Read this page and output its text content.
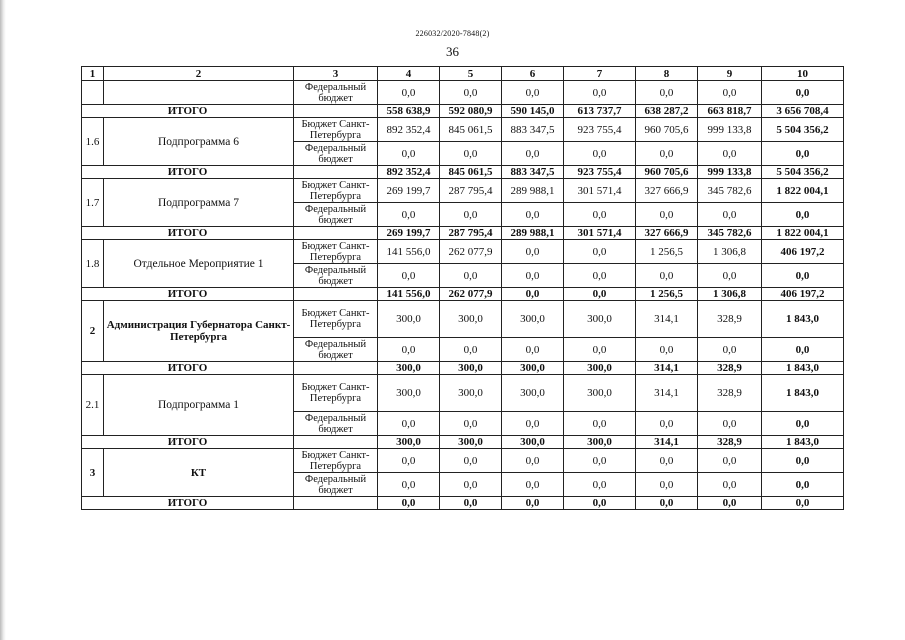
226032/2020-7848(2)
36
1	2	3	4	5	6	7	8	9	10
		Федеральный бюджет	0,0	0,0	0,0	0,0	0,0	0,0	0,0
ИТОГО			558 638,9	592 080,9	590 145,0	613 737,7	638 287,2	663 818,7	3 656 708,4
1.6	Подпрограмма 6	Бюджет Санкт-Петербурга	892 352,4	845 061,5	883 347,5	923 755,4	960 705,6	999 133,8	5 504 356,2
		Федеральный бюджет	0,0	0,0	0,0	0,0	0,0	0,0	0,0
ИТОГО			892 352,4	845 061,5	883 347,5	923 755,4	960 705,6	999 133,8	5 504 356,2
1.7	Подпрограмма 7	Бюджет Санкт-Петербурга	269 199,7	287 795,4	289 988,1	301 571,4	327 666,9	345 782,6	1 822 004,1
		Федеральный бюджет	0,0	0,0	0,0	0,0	0,0	0,0	0,0
ИТОГО			269 199,7	287 795,4	289 988,1	301 571,4	327 666,9	345 782,6	1 822 004,1
1.8	Отдельное Мероприятие 1	Бюджет Санкт-Петербурга	141 556,0	262 077,9	0,0	0,0	1 256,5	1 306,8	406 197,2
		Федеральный бюджет	0,0	0,0	0,0	0,0	0,0	0,0	0,0
ИТОГО			141 556,0	262 077,9	0,0	0,0	1 256,5	1 306,8	406 197,2
2	Администрация Губернатора Санкт-Петербурга	Бюджет Санкт-Петербурга	300,0	300,0	300,0	300,0	314,1	328,9	1 843,0
		Федеральный бюджет	0,0	0,0	0,0	0,0	0,0	0,0	0,0
ИТОГО			300,0	300,0	300,0	300,0	314,1	328,9	1 843,0
2.1	Подпрограмма 1	Бюджет Санкт-Петербурга	300,0	300,0	300,0	300,0	314,1	328,9	1 843,0
		Федеральный бюджет	0,0	0,0	0,0	0,0	0,0	0,0	0,0
ИТОГО			300,0	300,0	300,0	300,0	314,1	328,9	1 843,0
3	КТ	Бюджет Санкт-Петербурга	0,0	0,0	0,0	0,0	0,0	0,0	0,0
		Федеральный бюджет	0,0	0,0	0,0	0,0	0,0	0,0	0,0
ИТОГО			0,0	0,0	0,0	0,0	0,0	0,0	0,0
